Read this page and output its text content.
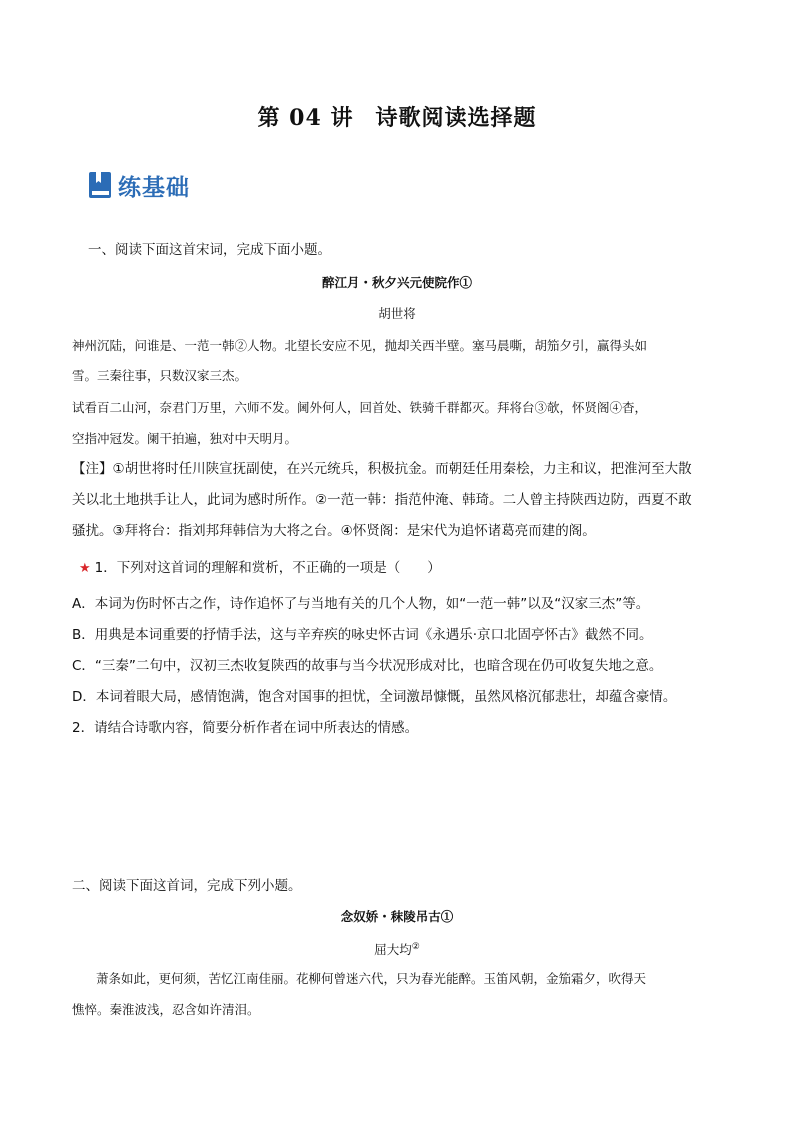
第 04 讲 诗歌阅读选择题
练基础
一、阅读下面这首宋词，完成下面小题。
醉江月・秋夕兴元使院作①
胡世将
神州沉陆，问谁是、一范一韩②人物。北望长安应不见，抛却关西半壁。塞马晨嘶，胡笳夕引，赢得头如
雪。三秦往事，只数汉家三杰。
试看百二山河，奈君门万里，六师不发。阃外何人，回首处、铁骑千群都灭。拜将台③欹，怀贤阁④杳，
空指冲冠发。阑干拍遍，独对中天明月。
【注】①胡世将时任川陕宣抚副使，在兴元统兵，积极抗金。而朝廷任用秦桧，力主和议，把淮河至大散
关以北土地拱手让人，此词为感时所作。②一范一韩：指范仲淹、韩琦。二人曾主持陕西边防，西夏不敢
骚扰。③拜将台：指刘邦拜韩信为大将之台。④怀贤阁：是宋代为追怀诸葛亮而建的阁。
★ 1．下列对这首词的理解和赏析，不正确的一项是（　　）
A．本词为伤时怀古之作，诗作追怀了与当地有关的几个人物，如“一范一韩”以及“汉家三杰”等。
B．用典是本词重要的抒情手法，这与辛弃疾的咏史怀古词《永遇乐·京口北固亭怀古》截然不同。
C．“三秦”二句中，汉初三杰收复陕西的故事与当今状况形成对比，也暗含现在仍可收复失地之意。
D．本词着眼大局，感情饱满，饱含对国事的担忧，全词激昂慷慨，虽然风格沉郁悲壮，却蕴含豪情。
2．请结合诗歌内容，简要分析作者在词中所表达的情感。
二、阅读下面这首词，完成下列小题。
念奴娇・秣陵吊古①
屈大均②
萧条如此，更何须，苦忆江南佳丽。花柳何曾迷六代，只为春光能醉。玉笛风朝，金笳霜夕，吹得天
憔悴。秦淮波浅，忍含如许清泪。
